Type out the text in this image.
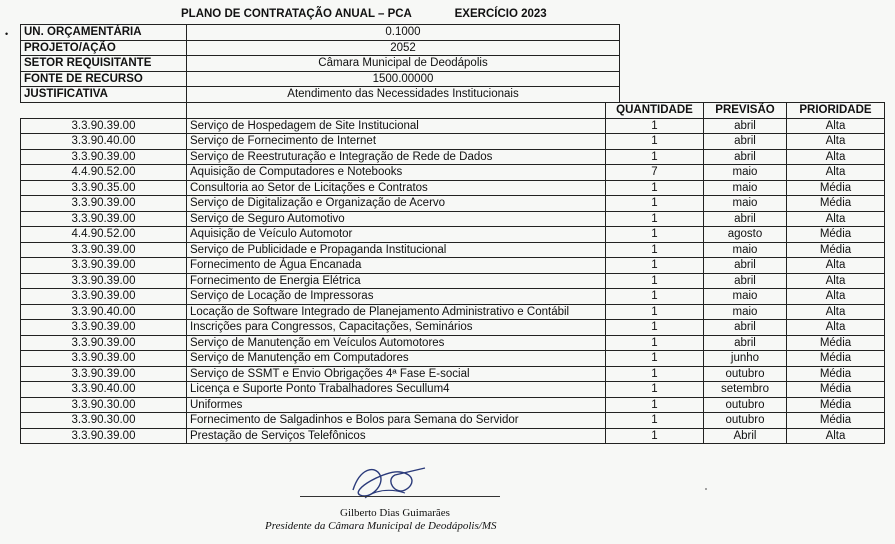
PLANO DE CONTRATAÇÃO ANUAL – PCA	EXERCÍCIO 2023
• UN. ORÇAMENTÁRIA	0.1000
PROJETO/AÇÃO	2052
SETOR REQUISITANTE	Câmara Municipal de Deodápolis
FONTE DE RECURSO	1500.00000
JUSTIFICATIVA	Atendimento das Necessidades Institucionais
		QUANTIDADE	PREVISÃO	PRIORIDADE
3.3.90.39.00	Serviço de Hospedagem de Site Institucional	1	abril	Alta
3.3.90.40.00	Serviço de Fornecimento de Internet	1	abril	Alta
3.3.90.39.00	Serviço de Reestruturação e Integração de Rede de Dados	1	abril	Alta
4.4.90.52.00	Aquisição de Computadores e Notebooks	7	maio	Alta
3.3.90.35.00	Consultoria ao Setor de Licitações e Contratos	1	maio	Média
3.3.90.39.00	Serviço de Digitalização e Organização de Acervo	1	maio	Média
3.3.90.39.00	Serviço de Seguro Automotivo	1	abril	Alta
4.4.90.52.00	Aquisição de Veículo Automotor	1	agosto	Média
3.3.90.39.00	Serviço de Publicidade e Propaganda Institucional	1	maio	Média
3.3.90.39.00	Fornecimento de Água Encanada	1	abril	Alta
3.3.90.39.00	Fornecimento de Energia Elétrica	1	abril	Alta
3.3.90.39.00	Serviço de Locação de Impressoras	1	maio	Alta
3.3.90.40.00	Locação de Software Integrado de Planejamento Administrativo e Contábil	1	maio	Alta
3.3.90.39.00	Inscrições para Congressos, Capacitações, Seminários	1	abril	Alta
3.3.90.39.00	Serviço de Manutenção em Veículos Automotores	1	abril	Média
3.3.90.39.00	Serviço de Manutenção em Computadores	1	junho	Média
3.3.90.39.00	Serviço de SSMT e Envio Obrigações 4ª Fase E-social	1	outubro	Média
3.3.90.40.00	Licença e Suporte Ponto Trabalhadores Secullum4	1	setembro	Média
3.3.90.30.00	Uniformes	1	outubro	Média
3.3.90.30.00	Fornecimento de Salgadinhos e Bolos para Semana do Servidor	1	outubro	Média
3.3.90.39.00	Prestação de Serviços Telefônicos	1	Abril	Alta
Gilberto Dias Guimarães
Presidente da Câmara Municipal de Deodápolis/MS
